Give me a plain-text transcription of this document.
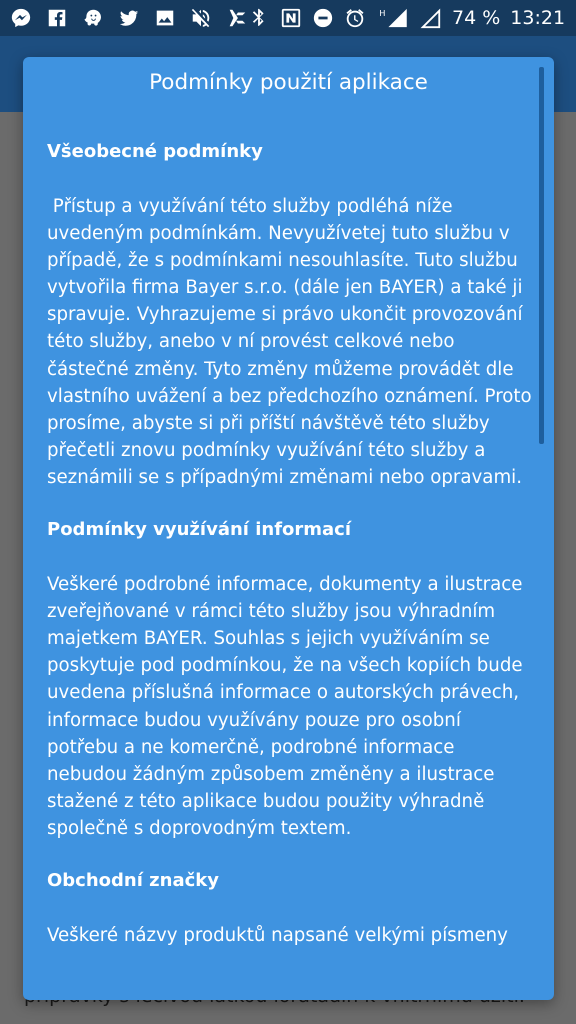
H	74 % 13:21
Podmínky použití aplikace
Všeobecné podmínky
Přístup a využívání této služby podléhá níže uvedeným podmínkám. Nevyužívetej tuto službu v případě, že s podmínkami nesouhlasíte. Tuto službu vytvořila firma Bayer s.r.o. (dále jen BAYER) a také ji spravuje. Vyhrazujeme si právo ukončit provozování této služby, anebo v ní provést celkové nebo částečné změny. Tyto změny můžeme provádět dle vlastního uvážení a bez předchozího oznámení. Proto prosíme, abyste si při příští návštěvě této služby přečetli znovu podmínky využívání této služby a seznámili se s případnými změnami nebo opravami.
Podmínky využívání informací
Veškeré podrobné informace, dokumenty a ilustrace zveřejňované v rámci této služby jsou výhradním majetkem BAYER. Souhlas s jejich využíváním se poskytuje pod podmínkou, že na všech kopiích bude uvedena příslušná informace o autorských právech, informace budou využívány pouze pro osobní potřebu a ne komerčně, podrobné informace nebudou žádným způsobem změněny a ilustrace stažené z této aplikace budou použity výhradně společně s doprovodným textem.
Obchodní značky
Veškeré názvy produktů napsané velkými písmeny
